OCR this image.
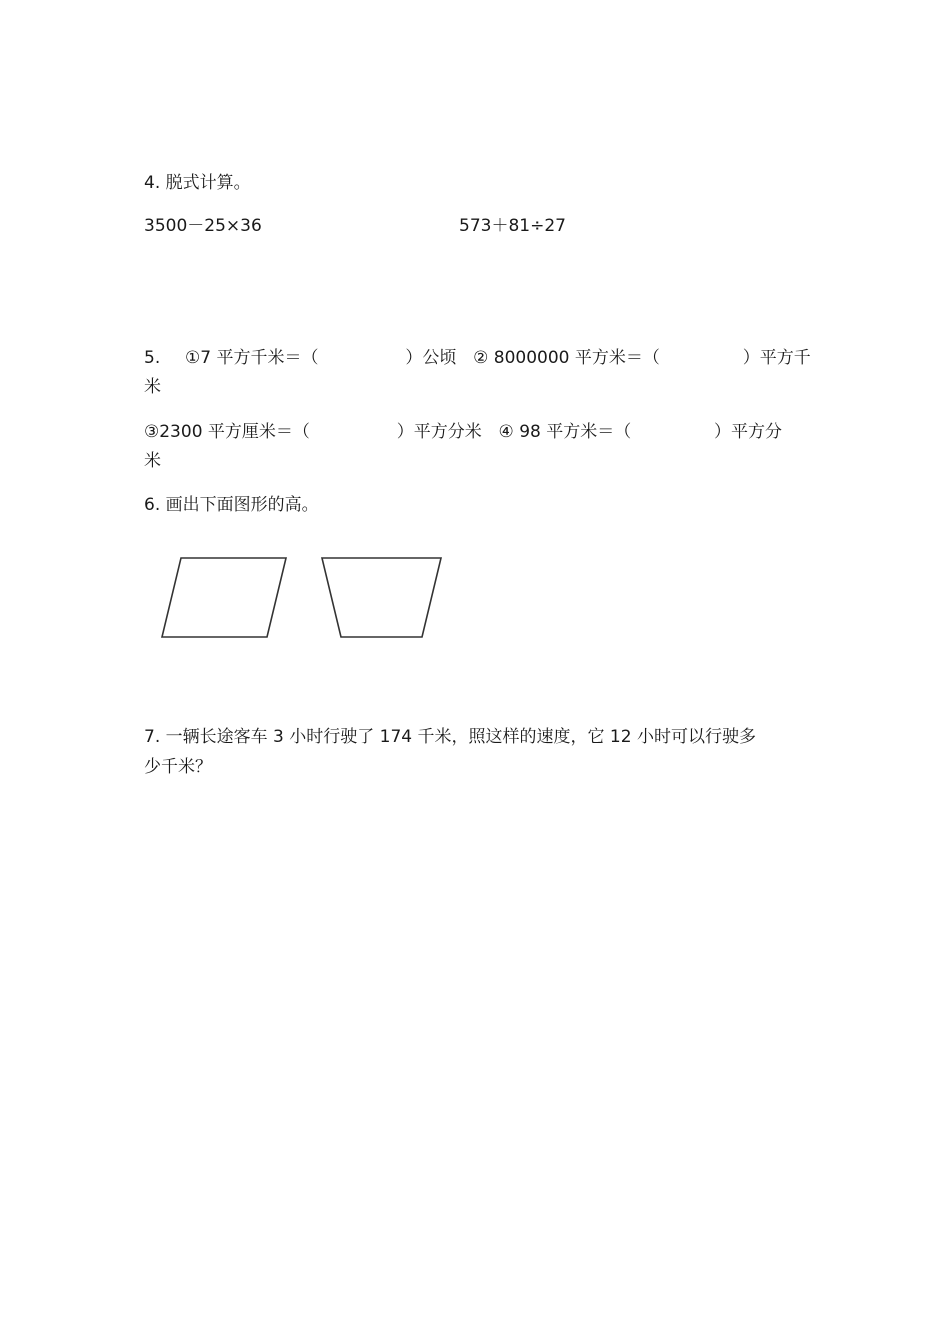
4. 脱式计算。
3500－25×36	573＋81÷27
5. ①7 平方千米＝（	）公顷 ② 8000000 平方米＝（	）平方千
米
③2300 平方厘米＝（	）平方分米 ④ 98 平方米＝（	）平方分
米
6. 画出下面图形的高。
7. 一辆长途客车 3 小时行驶了 174 千米，照这样的速度，它 12 小时可以行驶多
少千米？
